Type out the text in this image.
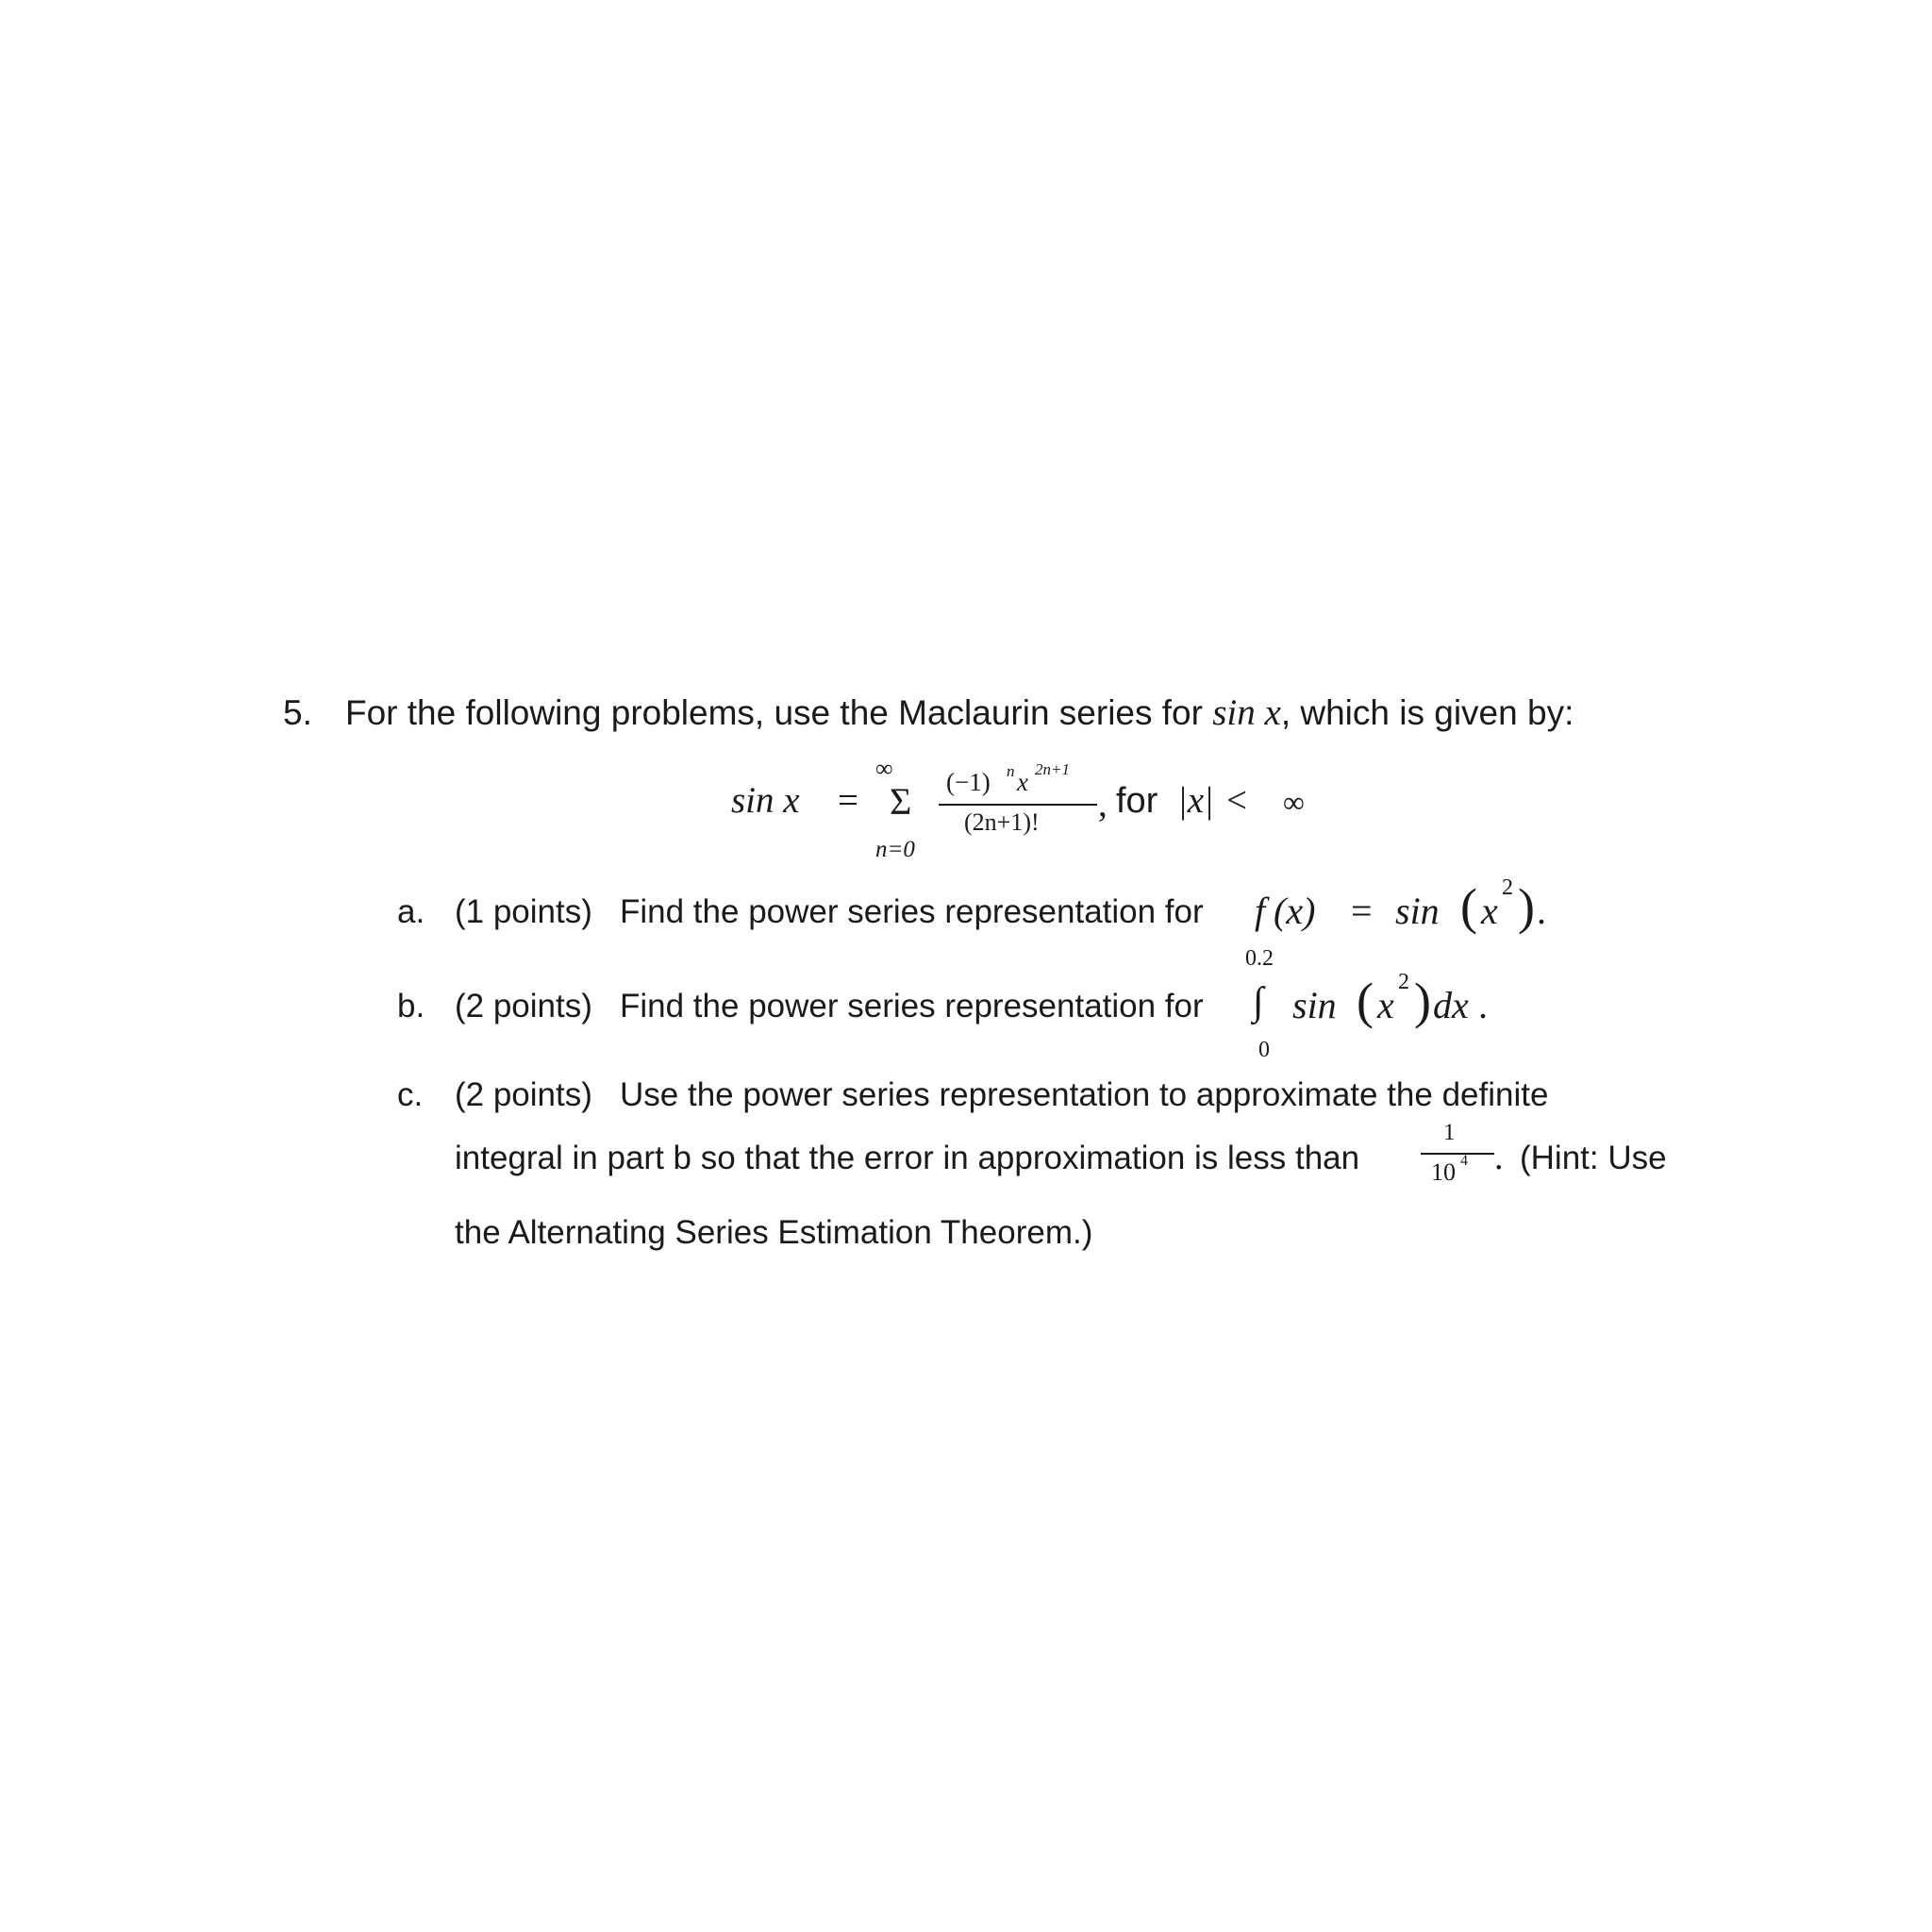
5. For the following problems, use the Maclaurin series for sin x, which is given by:
sin x =
∞
Σ
n=0
(−1) n x 2n+1
(2n+1)! , for |x| < ∞
a. (1 points) Find the power series representation for f (x) = sin ( x
2 ) .
b. (2 points) Find the power series representation for
0.2
∫
0
sin ( x
2 ) dx .
c. (2 points) Use the power series representation to approximate the definite
integral in part b so that the error in approximation is less than
1
10 4 . (Hint: Use
the Alternating Series Estimation Theorem.)
